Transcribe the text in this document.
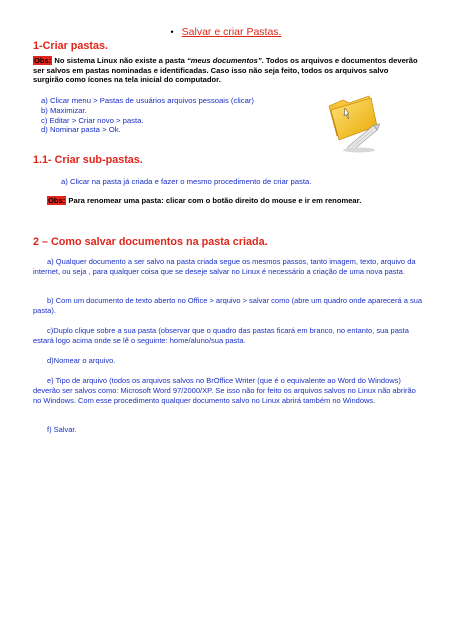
• Salvar e criar Pastas.
1-Criar pastas.
Obs: No sistema Linux não existe a pasta “meus documentos”. Todos os arquivos e documentos deverão ser salvos em pastas nominadas e identificadas. Caso isso não seja feito, todos os arquivos salvo surgirão como ícones na tela inicial do computador.
a) Clicar menu > Pastas de usuários arquivos pessoais (clicar)
b) Maximizar.
c) Editar > Criar novo > pasta.
d) Nominar pasta > Ok.
1.1- Criar sub-pastas.
a) Clicar na pasta já criada e fazer o mesmo procedimento de criar pasta.
Obs: Para renomear uma pasta: clicar com o botão direito do mouse e ir em renomear.
2 – Como salvar documentos na pasta criada.
a) Qualquer documento a ser salvo na pasta criada segue os mesmos passos, tanto imagem, texto, arquivo da internet, ou seja , para qualquer coisa que se deseje salvar no Linux é necessário a criação de uma nova pasta.
b) Com um documento de texto aberto no Office > arquivo > salvar como (abre um quadro onde aparecerá a sua pasta).
c)Duplo clique sobre a sua pasta (observar que o quadro das pastas ficará em branco, no entanto, sua pasta estará logo acima onde se lê o seguinte: home/aluno/sua pasta.
d)Nomear o arquivo.
e) Tipo de arquivo (todos os arquivos salvos no BrOffice Writer (que é o equivalente ao Word do Windows) deverão ser salvos como: Microsoft Word 97/2000/XP. Se isso não for feito os arquivos salvos no Linux não abrirão no Windows. Com esse procedimento qualquer documento salvo no Linux abrirá também no Windows.
f) Salvar.
